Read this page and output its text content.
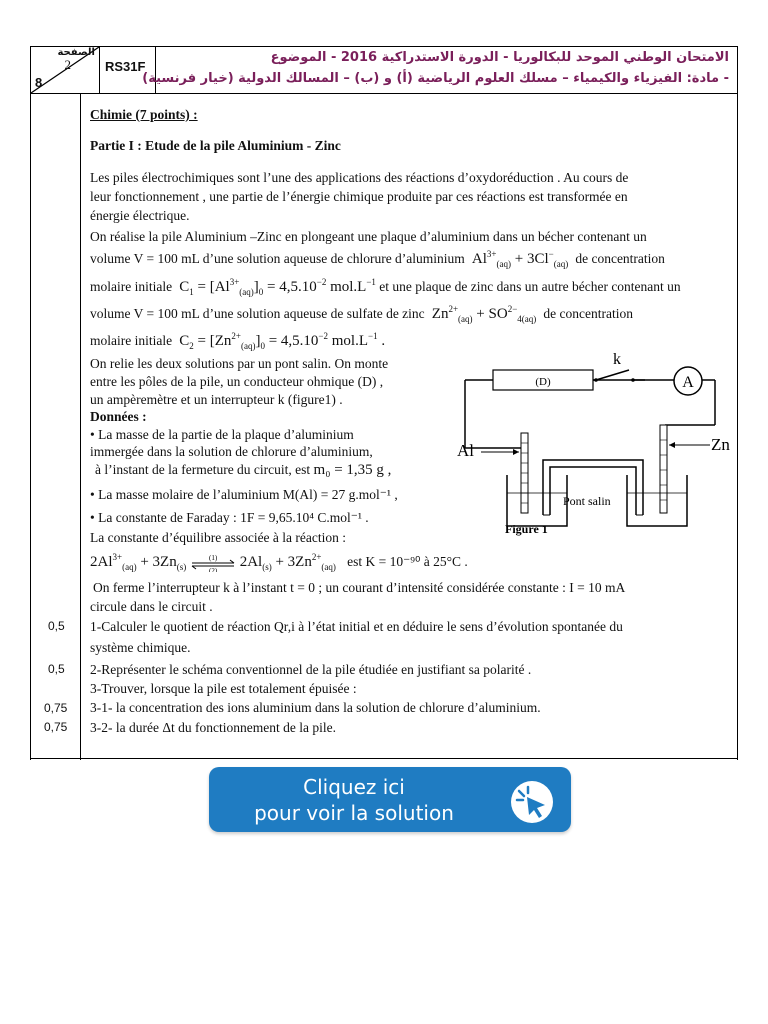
الصفحة
2
8
RS31F
الامتحان الوطني الموحد للبكالوريا - الدورة الاستدراكية 2016 - الموضوع
- مادة: الفيزياء والكيمياء – مسلك العلوم الرياضية (أ) و (ب) – المسالك الدولية (خيار فرنسية)
Chimie (7 points) :
Partie I : Etude de la pile Aluminium - Zinc
Les piles électrochimiques sont l’une des applications des réactions d’oxydoréduction . Au cours de
leur fonctionnement , une partie de l’énergie chimique produite par ces réactions est transformée en
énergie électrique.
On réalise la pile Aluminium –Zinc en plongeant une plaque d’aluminium dans un bécher contenant un
volume V = 100 mL d’une solution aqueuse de chlorure d’aluminium  $Al^{3+}_{(aq)} + 3Cl^-_{(aq)}$ de concentration
molaire initiale  $C_1 = [Al^{3+}_{(aq)}]_0 = 4,5.10^{-2}$ $mol.L^{-1}$ et une plaque de zinc dans un autre bécher contenant un
volume V = 100 mL d’une solution aqueuse de sulfate de zinc  $Zn^{2+}_{(aq)} + SO^{2-}_{4(aq)}$ de concentration
molaire initiale  $C_2 = [Zn^{2+}_{(aq)}]_0 = 4,5.10^{-2}$ $mol.L^{-1}$ .
On relie les deux solutions par un pont salin. On monte
entre les pôles de la pile, un conducteur ohmique (D) ,
un ampèremètre et un interrupteur k (figure1) .
Données :
• La masse de la partie de la plaque d’aluminium
immergée dans la solution de chlorure d’aluminium,
à l’instant de la fermeture du circuit, est m₀ = 1,35 g ,
• La masse molaire de l’aluminium M(Al) = 27 g.mol⁻¹ ,
• La constante de Faraday : 1F = 9,65.10⁴ C.mol⁻¹ .
La constante d’équilibre associée à la réaction :
$2Al^{3+}_{(aq)} + 3Zn_{(s)}$
(1)
(2)
$2Al_{(s)} + 3Zn^{2+}_{(aq)}$ est K = 10⁻⁹⁰ à 25°C .
On ferme l’interrupteur k à l’instant t = 0 ; un courant d’intensité considérée constante : I = 10 mA
circule dans le circuit .
0,5 1-Calculer le quotient de réaction Qr,i à l’état initial et en déduire le sens d’évolution spontanée du
système chimique.
0,5 2-Représenter le schéma conventionnel de la pile étudiée en justifiant sa polarité .
3-Trouver, lorsque la pile est totalement épuisée :
0,75 3-1- la concentration des ions aluminium dans la solution de chlorure d’aluminium.
0,75 3-2- la durée Δt du fonctionnement de la pile.
(D)
k
A
Al	Zn
Pont salin
Figure 1
Cliquez ici
pour voir la solution
